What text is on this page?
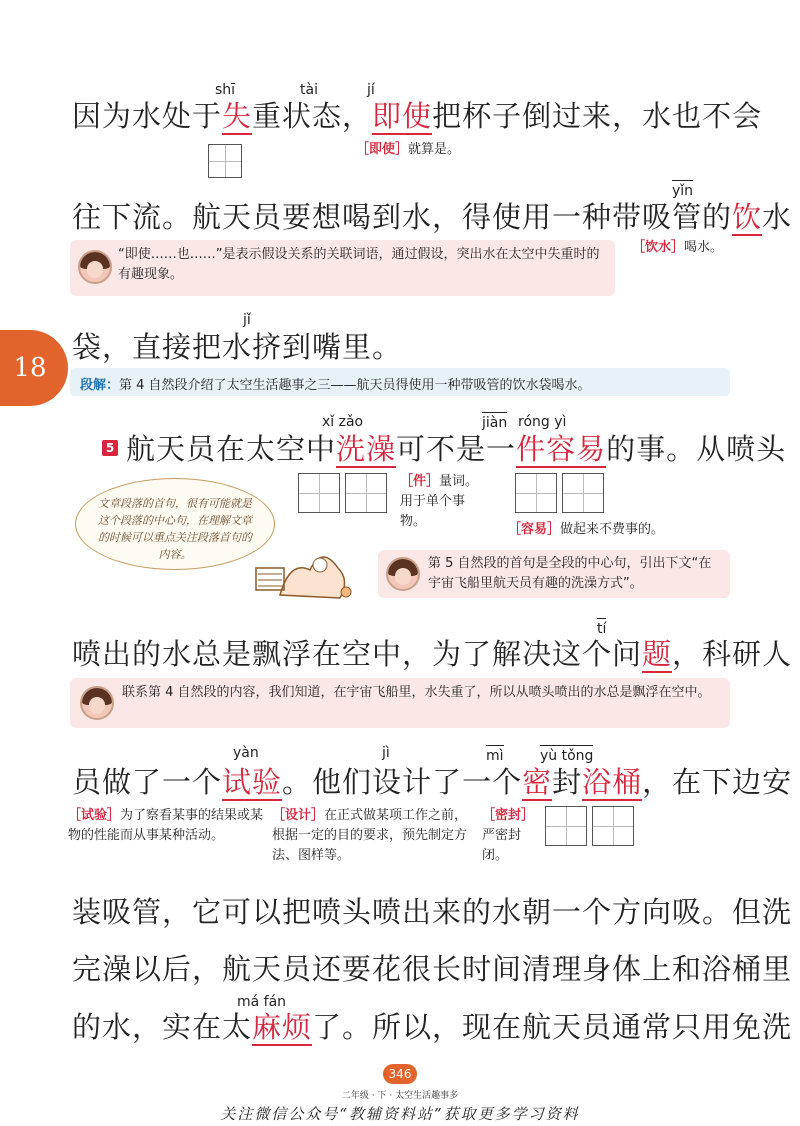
shī	tài	jí
因为水处于失重状态，即使把杯子倒过来，水也不会
［即使］就算是。
yǐn
往下流。航天员要想喝到水，得使用一种带吸管的饮水
［饮水］喝水。
“即使……也……”是表示假设关系的关联词语，通过假设，突出水在太空中失重时的有趣现象。
18
jǐ
袋，直接把水挤到嘴里。
段解：第 4 自然段介绍了太空生活趣事之三——航天员得使用一种带吸管的饮水袋喝水。
xǐ zǎo	jiàn róng yì
5 航天员在太空中洗澡可不是一件容易的事。从喷头
［件］量词。用于单个事物。
［容易］做起来不费事的。
文章段落的首句，很有可能就是这个段落的中心句，在理解文章的时候可以重点关注段落首句的内容。
第 5 自然段的首句是全段的中心句，引出下文“在宇宙飞船里航天员有趣的洗澡方式”。
tí
喷出的水总是飘浮在空中，为了解决这个问题，科研人
联系第 4 自然段的内容，我们知道，在宇宙飞船里，水失重了，所以从喷头喷出的水总是飘浮在空中。
yàn	jì	mì	yù tǒng
员做了一个试验。他们设计了一个密封浴桶，在下边安
［试验］为了察看某事的结果或某物的性能而从事某种活动。
［设计］在正式做某项工作之前，根据一定的目的要求，预先制定方法、图样等。
［密封］严密封闭。
装吸管，它可以把喷头喷出来的水朝一个方向吸。但洗
完澡以后，航天员还要花很长时间清理身体上和浴桶里
má fán
的水，实在太麻烦了。所以，现在航天员通常只用免洗
346
二年级 · 下 · 太空生活趣事多
关注微信公众号“教辅资料站”获取更多学习资料
